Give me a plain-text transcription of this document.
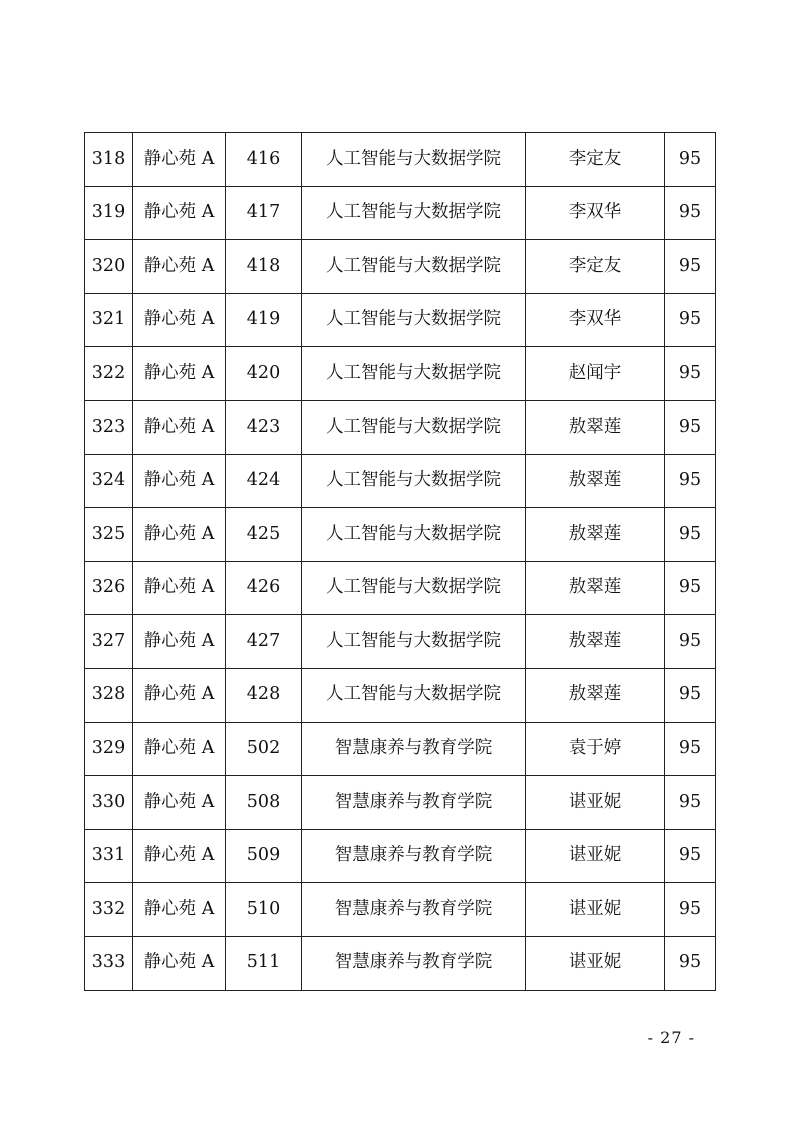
318	静心苑 A	416	人工智能与大数据学院	李定友	95
319	静心苑 A	417	人工智能与大数据学院	李双华	95
320	静心苑 A	418	人工智能与大数据学院	李定友	95
321	静心苑 A	419	人工智能与大数据学院	李双华	95
322	静心苑 A	420	人工智能与大数据学院	赵闻宇	95
323	静心苑 A	423	人工智能与大数据学院	敖翠莲	95
324	静心苑 A	424	人工智能与大数据学院	敖翠莲	95
325	静心苑 A	425	人工智能与大数据学院	敖翠莲	95
326	静心苑 A	426	人工智能与大数据学院	敖翠莲	95
327	静心苑 A	427	人工智能与大数据学院	敖翠莲	95
328	静心苑 A	428	人工智能与大数据学院	敖翠莲	95
329	静心苑 A	502	智慧康养与教育学院	袁于婷	95
330	静心苑 A	508	智慧康养与教育学院	谌亚妮	95
331	静心苑 A	509	智慧康养与教育学院	谌亚妮	95
332	静心苑 A	510	智慧康养与教育学院	谌亚妮	95
333	静心苑 A	511	智慧康养与教育学院	谌亚妮	95
- 27 -
